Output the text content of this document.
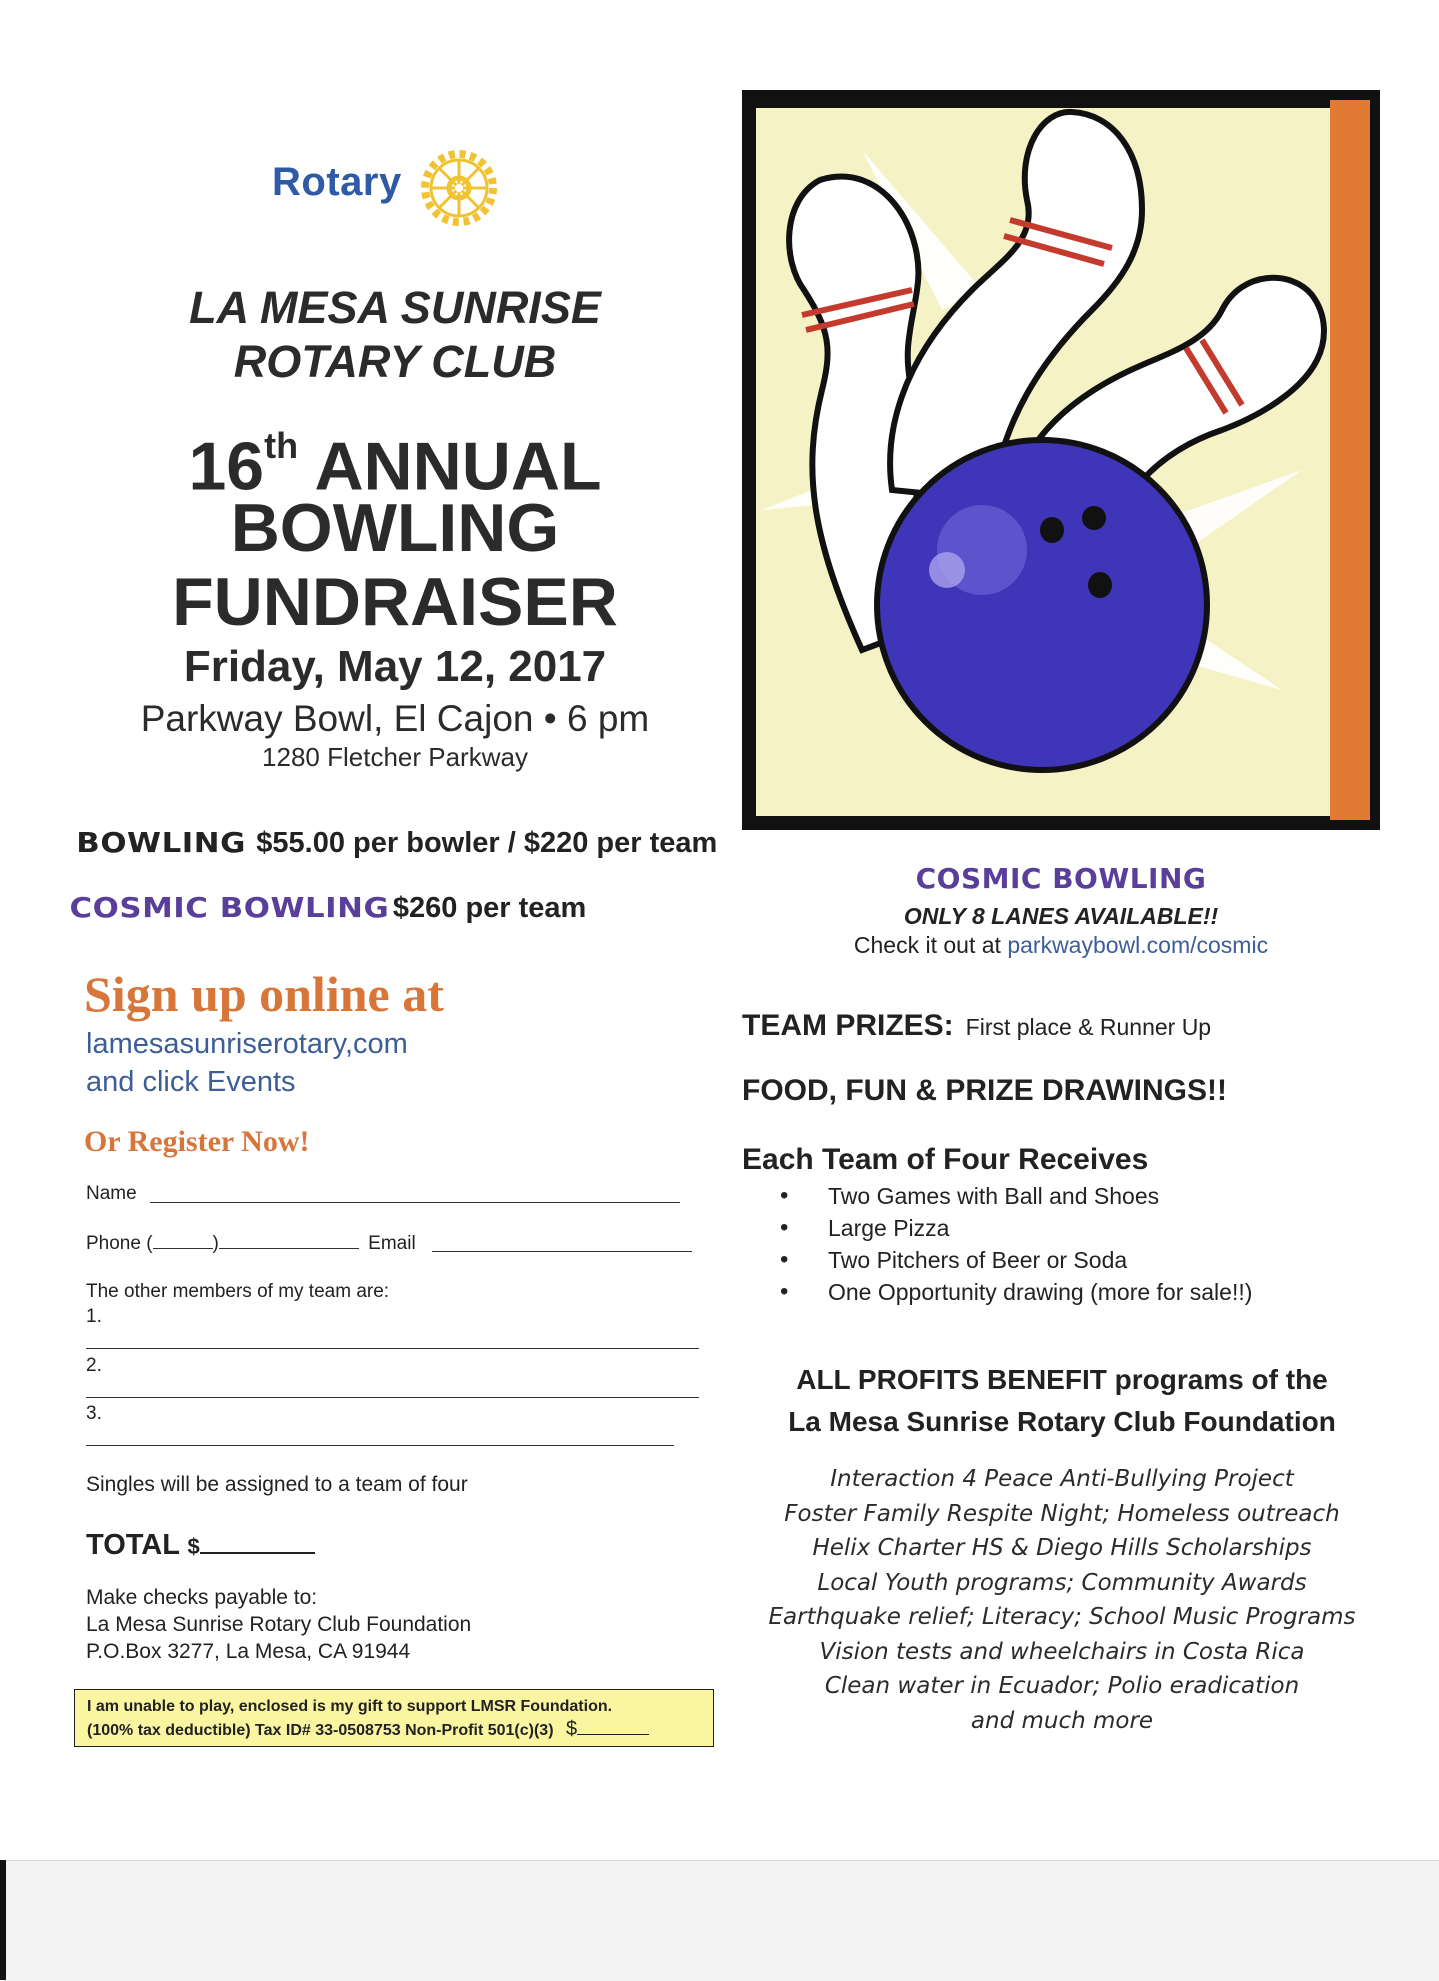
Rotary
LA MESA SUNRISE
ROTARY CLUB
16th ANNUAL
BOWLING
FUNDRAISER
Friday, May 12, 2017
Parkway Bowl, El Cajon • 6 pm
1280 Fletcher Parkway
BOWLING $55.00 per bowler / $220 per team
COSMIC BOWLING $260 per team
Sign up online at
lamesasunriserotary,com
and click Events
Or Register Now!
Name
Phone (	)	Email
The other members of my team are:
1.
2.
3.
Singles will be assigned to a team of four
TOTAL $
Make checks payable to:
La Mesa Sunrise Rotary Club Foundation
P.O.Box 3277, La Mesa, CA 91944
I am unable to play, enclosed is my gift to support LMSR Foundation.
(100% tax deductible) Tax ID# 33-0508753 Non-Profit 501(c)(3) $
COSMIC BOWLING
ONLY 8 LANES AVAILABLE!!
Check it out at parkwaybowl.com/cosmic
TEAM PRIZES: First place & Runner Up
FOOD, FUN & PRIZE DRAWINGS!!
Each Team of Four Receives
• Two Games with Ball and Shoes
• Large Pizza
• Two Pitchers of Beer or Soda
• One Opportunity drawing (more for sale!!)
ALL PROFITS BENEFIT programs of the
La Mesa Sunrise Rotary Club Foundation
Interaction 4 Peace Anti-Bullying Project
Foster Family Respite Night; Homeless outreach
Helix Charter HS & Diego Hills Scholarships
Local Youth programs; Community Awards
Earthquake relief; Literacy; School Music Programs
Vision tests and wheelchairs in Costa Rica
Clean water in Ecuador; Polio eradication
and much more
